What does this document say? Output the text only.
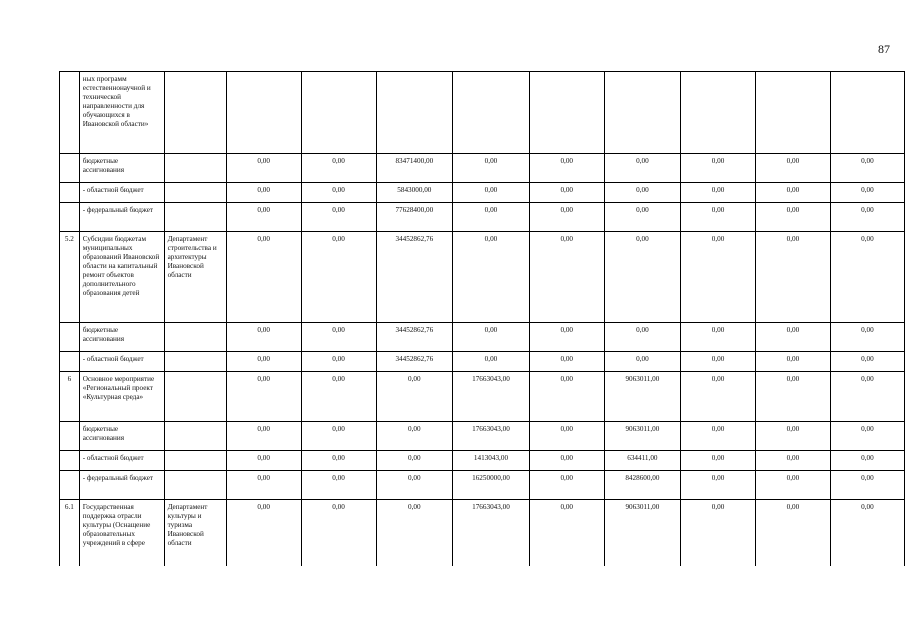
87
	ных программ естественнонаучной и технической направленности для обучающихся в Ивановской области»										
	бюджетные ассигнования		0,00	0,00	83471400,00	0,00	0,00	0,00	0,00	0,00	0,00
	- областной бюджет		0,00	0,00	5843000,00	0,00	0,00	0,00	0,00	0,00	0,00
	- федеральный бюджет		0,00	0,00	77628400,00	0,00	0,00	0,00	0,00	0,00	0,00
5.2	Субсидии бюджетам муниципальных образований Ивановской области на капитальный ремонт объектов дополнительного образования детей	Департамент строительства и архитектуры Ивановской области	0,00	0,00	34452862,76	0,00	0,00	0,00	0,00	0,00	0,00
	бюджетные ассигнования		0,00	0,00	34452862,76	0,00	0,00	0,00	0,00	0,00	0,00
	- областной бюджет		0,00	0,00	34452862,76	0,00	0,00	0,00	0,00	0,00	0,00
6	Основное мероприятие «Региональный проект «Культурная среда»		0,00	0,00	0,00	17663043,00	0,00	9063011,00	0,00	0,00	0,00
	бюджетные ассигнования		0,00	0,00	0,00	17663043,00	0,00	9063011,00	0,00	0,00	0,00
	- областной бюджет		0,00	0,00	0,00	1413043,00	0,00	634411,00	0,00	0,00	0,00
	- федеральный бюджет		0,00	0,00	0,00	16250000,00	0,00	8428600,00	0,00	0,00	0,00
6.1	Государственная поддержка отрасли культуры (Оснащение образовательных учреждений в сфере	Департамент культуры и туризма Ивановской области	0,00	0,00	0,00	17663043,00	0,00	9063011,00	0,00	0,00	0,00
